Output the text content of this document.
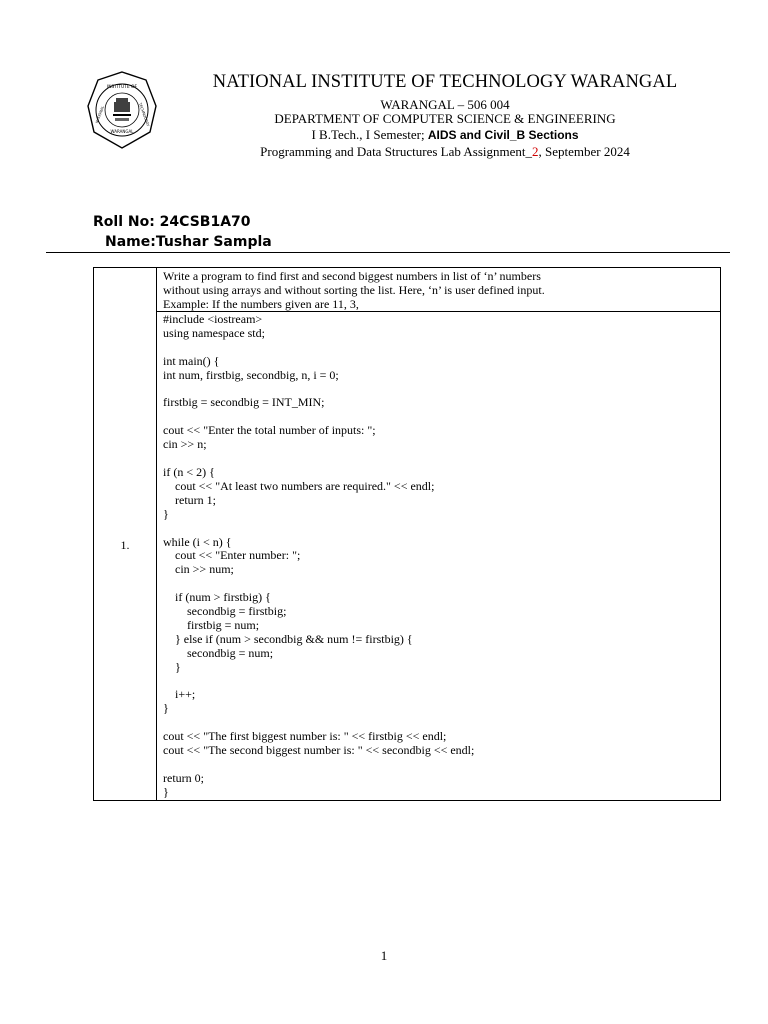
INSTITUTE OF
NATIONAL	TECHNOLOGY
WARANGAL
NATIONAL INSTITUTE OF TECHNOLOGY WARANGAL
WARANGAL – 506 004
DEPARTMENT OF COMPUTER SCIENCE & ENGINEERING
I B.Tech., I Semester; AIDS and Civil_B Sections
Programming and Data Structures Lab Assignment_2, September 2024
Roll No: 24CSB1A70
Name:Tushar Sampla
1.
Write a program to find first and second biggest numbers in list of ‘n’ numbers
without using arrays and without sorting the list. Here, ‘n’ is user defined input.
Example: If the numbers given are 11, 3,
#include <iostream>
using namespace std;

int main() {
int num, firstbig, secondbig, n, i = 0;

firstbig = secondbig = INT_MIN;

cout << "Enter the total number of inputs: ";
cin >> n;

if (n < 2) {
cout << "At least two numbers are required." << endl;
return 1;
}

while (i < n) {
cout << "Enter number: ";
cin >> num;

if (num > firstbig) {
secondbig = firstbig;
firstbig = num;
} else if (num > secondbig && num != firstbig) {
secondbig = num;
}

i++;
}

cout << "The first biggest number is: " << firstbig << endl;
cout << "The second biggest number is: " << secondbig << endl;

return 0;
}
1
